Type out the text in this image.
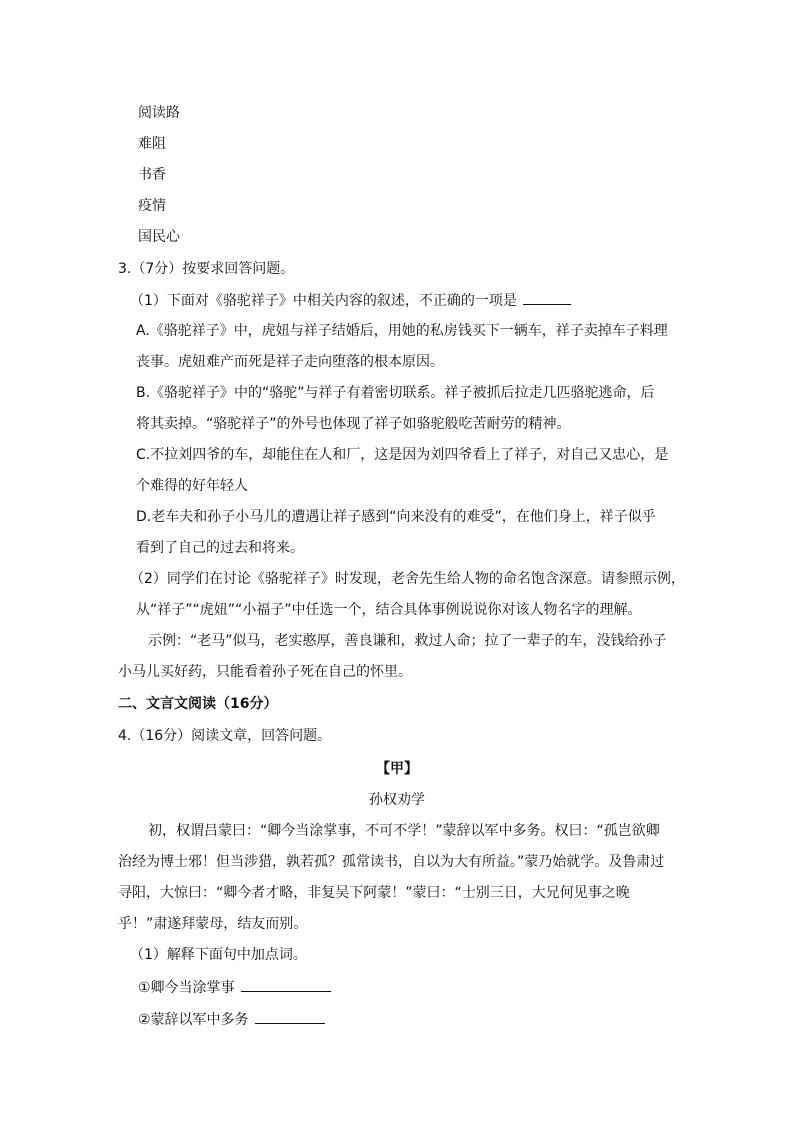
阅读路
难阻
书香
疫情
国民心
3.（7分）按要求回答问题。
（1）下面对《骆驼祥子》中相关内容的叙述，不正确的一项是
A.《骆驼祥子》中，虎妞与祥子结婚后，用她的私房钱买下一辆车，祥子卖掉车子料理
丧事。虎妞难产而死是祥子走向堕落的根本原因。
B.《骆驼祥子》中的“骆驼”与祥子有着密切联系。祥子被抓后拉走几匹骆驼逃命，后
将其卖掉。“骆驼祥子”的外号也体现了祥子如骆驼般吃苦耐劳的精神。
C.不拉刘四爷的车，却能住在人和厂，这是因为刘四爷看上了祥子，对自己又忠心，是
个难得的好年轻人
D.老车夫和孙子小马儿的遭遇让祥子感到“向来没有的难受”，在他们身上，祥子似乎
看到了自己的过去和将来。
（2）同学们在讨论《骆驼祥子》时发现，老舍先生给人物的命名饱含深意。请参照示例，
从“祥子”“虎妞”“小福子”中任选一个，结合具体事例说说你对该人物名字的理解。
示例：“老马”似马，老实憨厚，善良谦和，救过人命；拉了一辈子的车，没钱给孙子
小马儿买好药，只能看着孙子死在自己的怀里。
二、文言文阅读（16分）
4.（16分）阅读文章，回答问题。
【甲】
孙权劝学
初，权谓吕蒙曰：“卿今当涂掌事，不可不学！”蒙辞以军中多务。权曰：“孤岂欲卿
治经为博士邪！但当涉猎，孰若孤？孤常读书，自以为大有所益。”蒙乃始就学。及鲁肃过
寻阳，大惊曰：“卿今者才略，非复吴下阿蒙！”蒙曰：“士别三日，大兄何见事之晚
乎！”肃遂拜蒙母，结友而别。
（1）解释下面句中加点词。
①卿今当涂掌事
②蒙辞以军中多务
